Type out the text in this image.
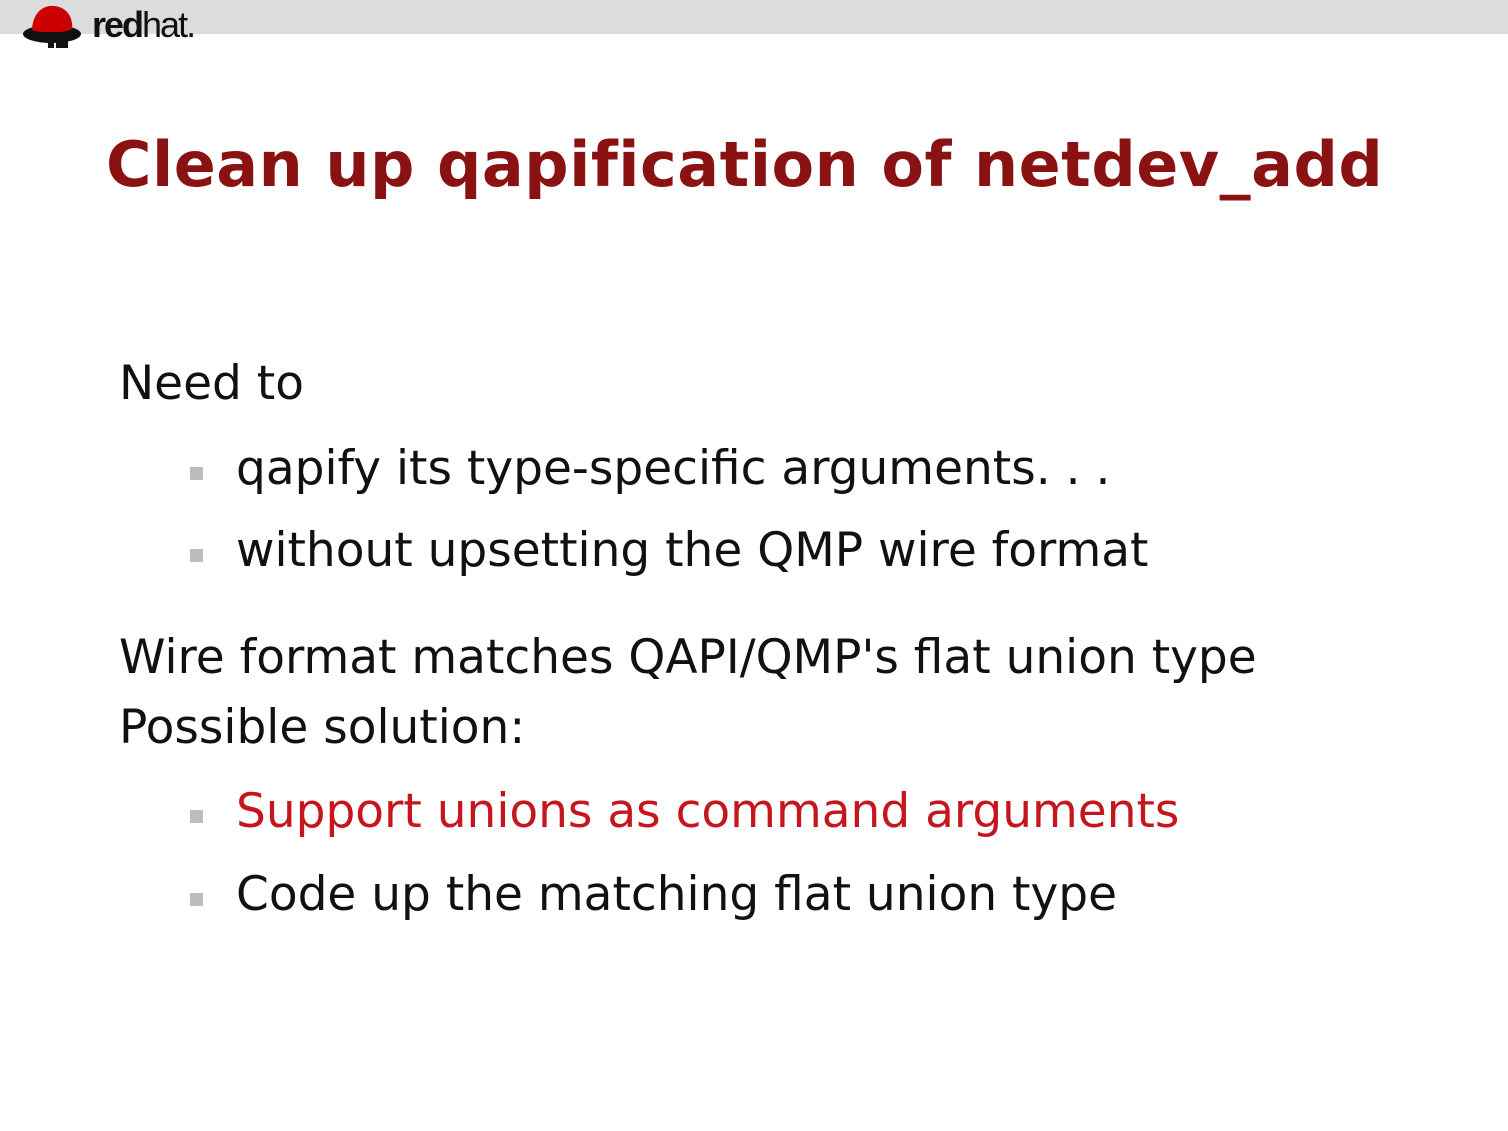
redhat.
Clean up qapification of netdev_add
Need to
qapify its type-specific arguments. . .
without upsetting the QMP wire format
Wire format matches QAPI/QMP's flat union type
Possible solution:
Support unions as command arguments
Code up the matching flat union type
